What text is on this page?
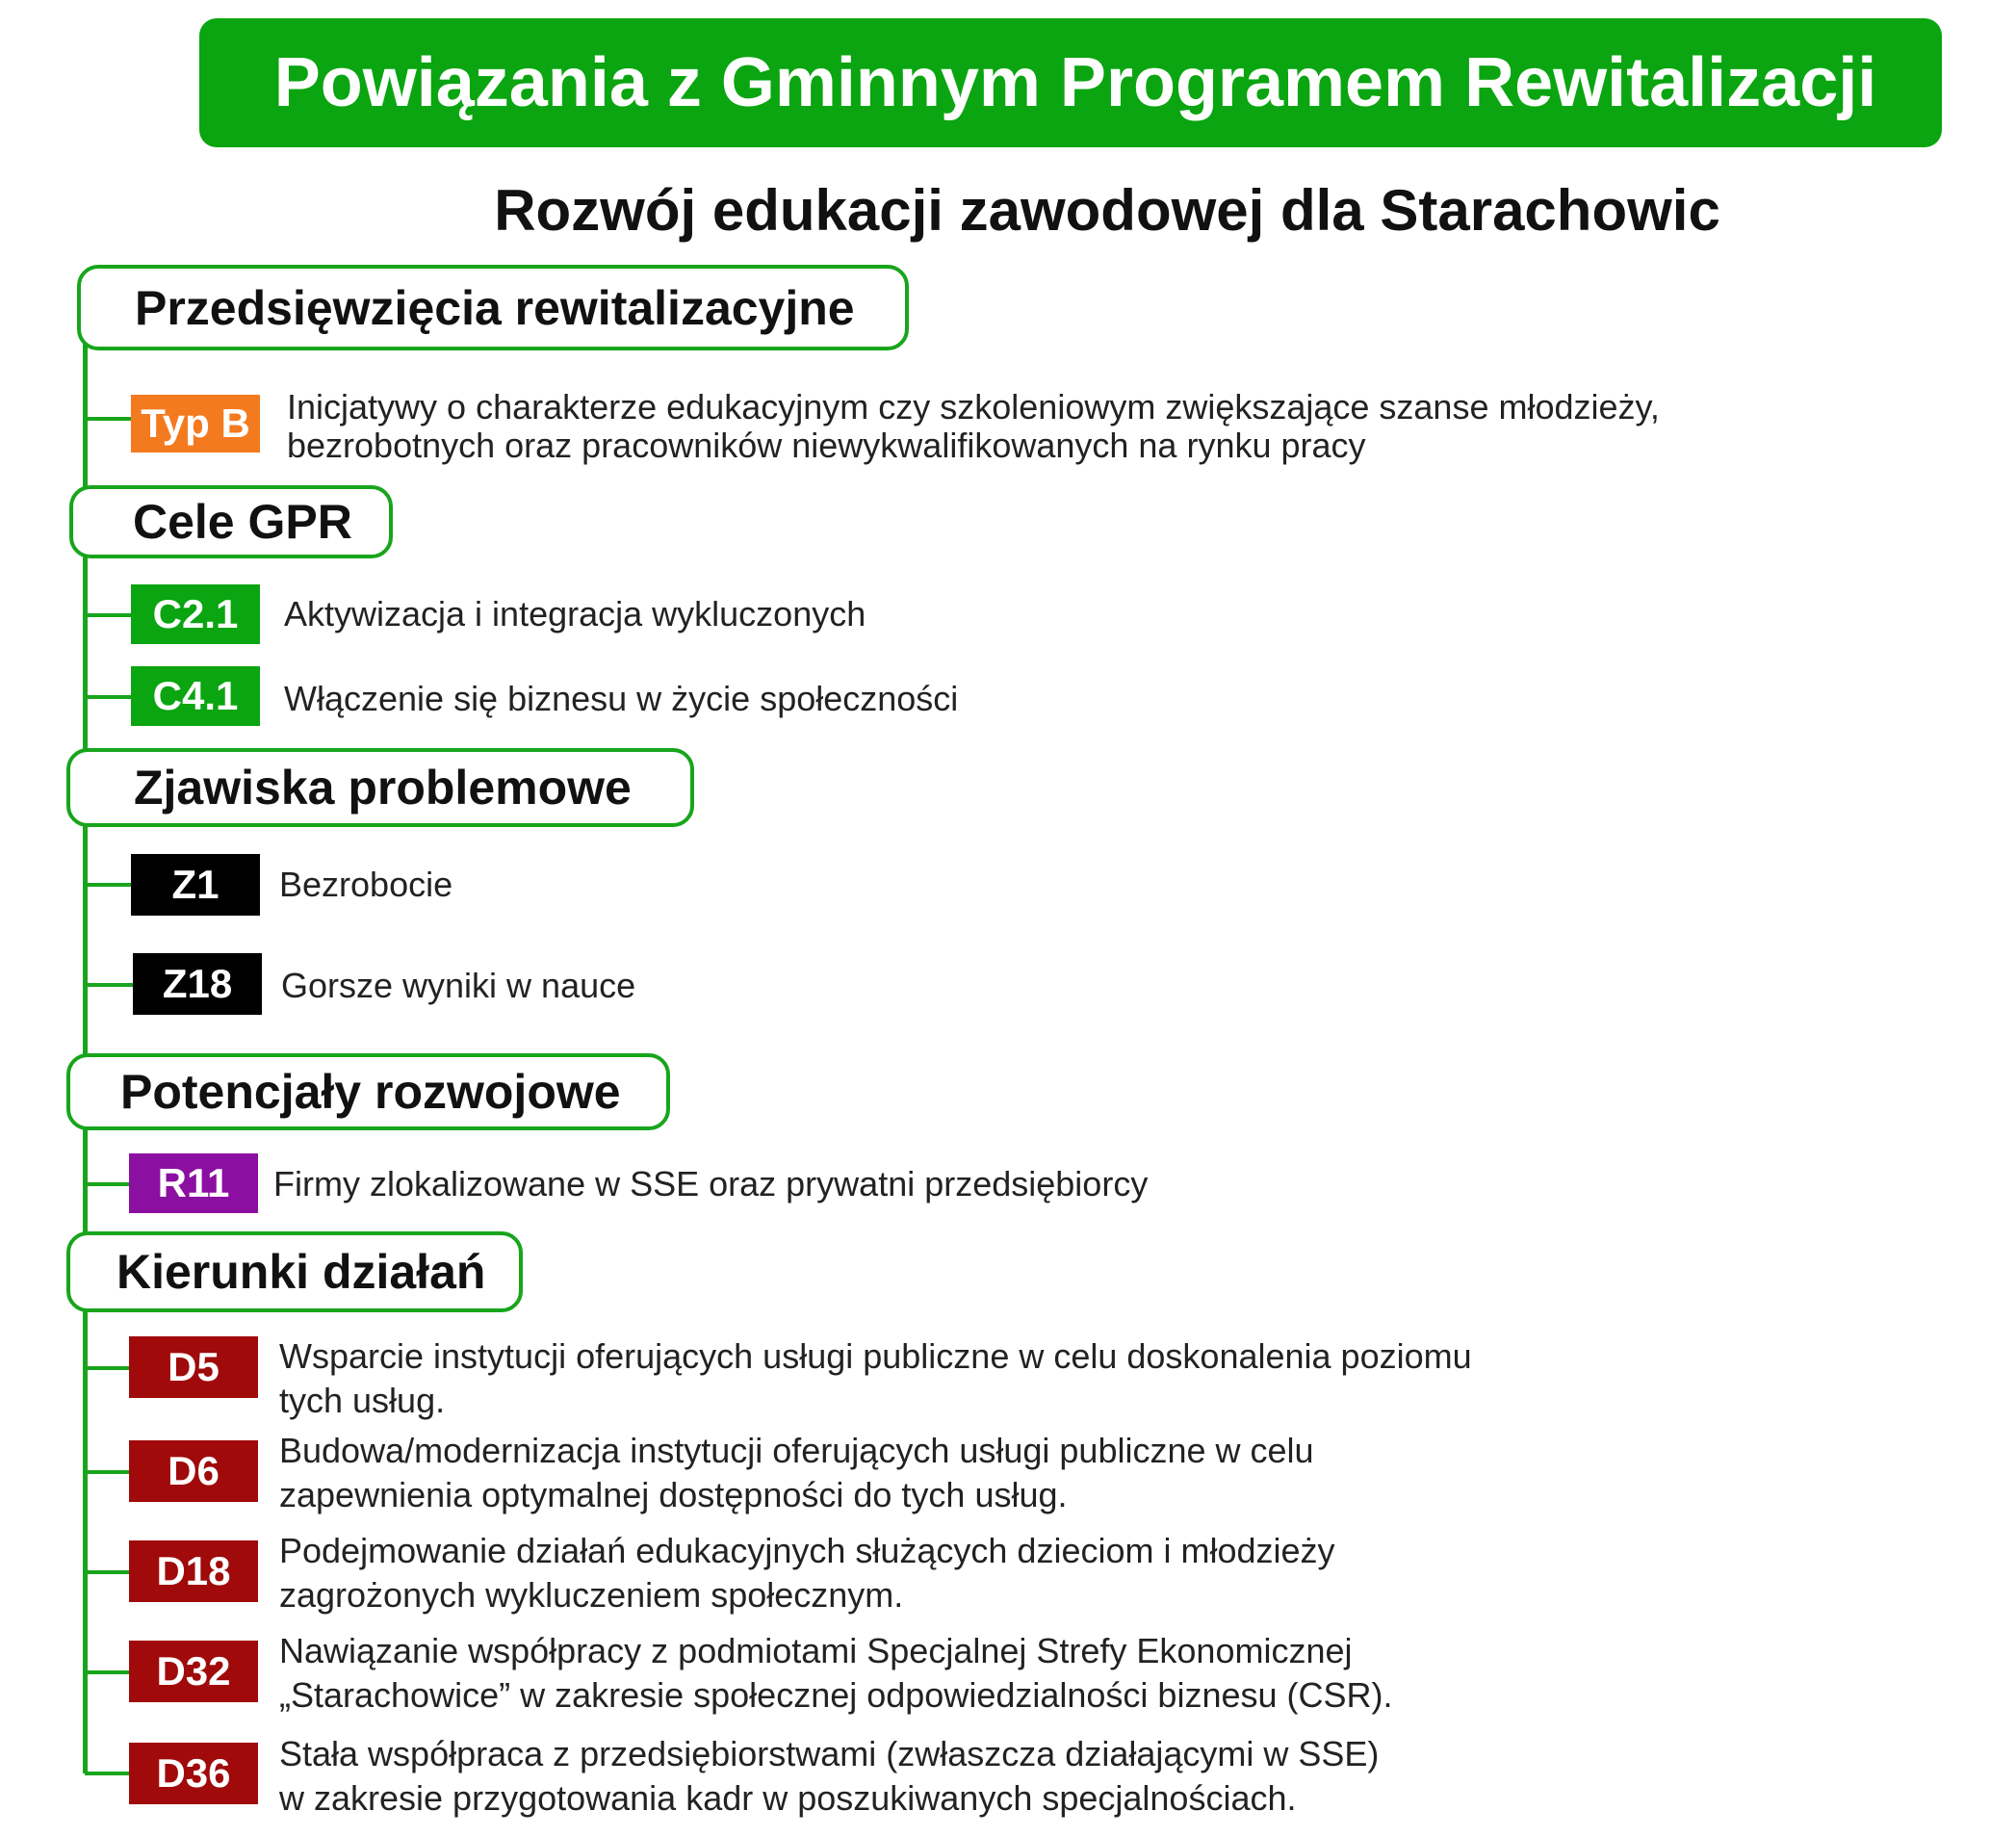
Powiązania z Gminnym Programem Rewitalizacji
Rozwój edukacji zawodowej dla Starachowic
Przedsięwzięcia rewitalizacyjne
Typ B Inicjatywy o charakterze edukacyjnym czy szkoleniowym zwiększające szanse młodzieży,
bezrobotnych oraz pracowników niewykwalifikowanych na rynku pracy
Cele GPR
C2.1	Aktywizacja i integracja wykluczonych
C4.1	Włączenie się biznesu w życie społeczności
Zjawiska problemowe
Z1	Bezrobocie
Z18	Gorsze wyniki w nauce
Potencjały rozwojowe
R11	Firmy zlokalizowane w SSE oraz prywatni przedsiębiorcy
Kierunki działań
D5	Wsparcie instytucji oferujących usługi publiczne w celu doskonalenia poziomu
tych usług.
D6	Budowa/modernizacja instytucji oferujących usługi publiczne w celu
zapewnienia optymalnej dostępności do tych usług.
D18	Podejmowanie działań edukacyjnych służących dzieciom i młodzieży
zagrożonych wykluczeniem społecznym.
D32	Nawiązanie współpracy z podmiotami Specjalnej Strefy Ekonomicznej
„Starachowice” w zakresie społecznej odpowiedzialności biznesu (CSR).
D36	Stała współpraca z przedsiębiorstwami (zwłaszcza działającymi w SSE)
w zakresie przygotowania kadr w poszukiwanych specjalnościach.
